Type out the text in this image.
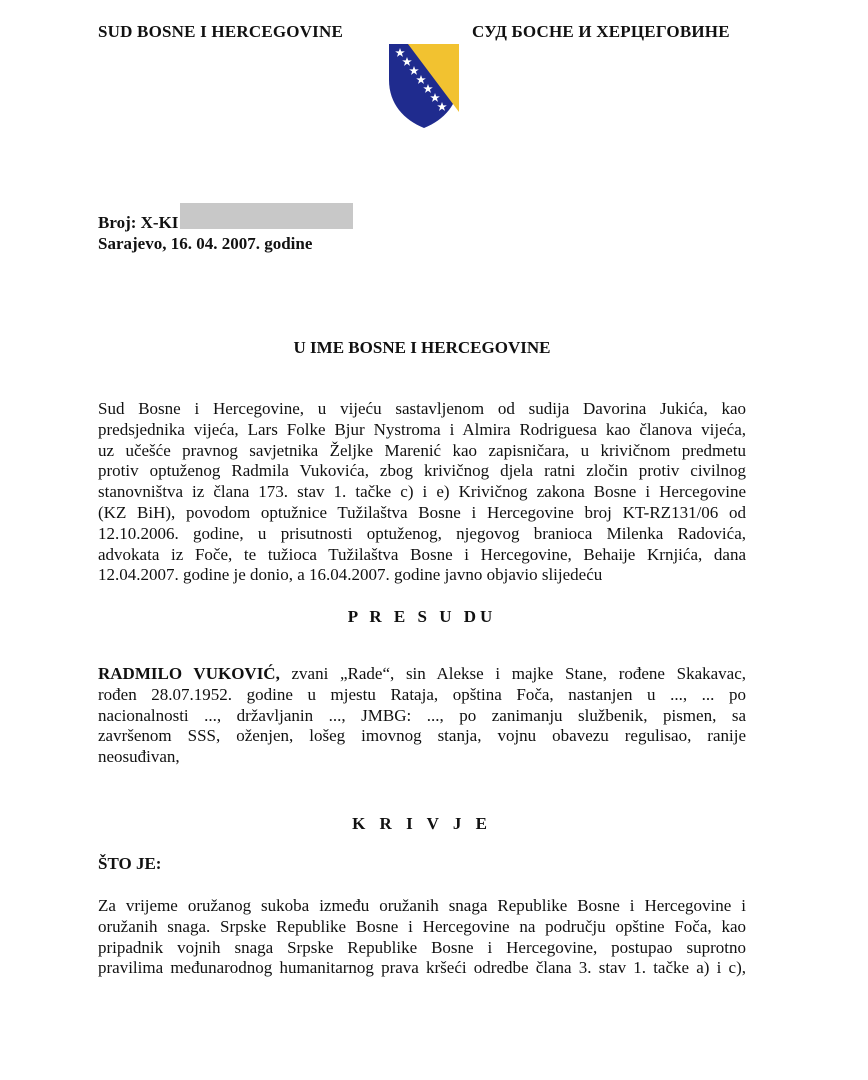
SUD BOSNE I HERCEGOVINE	СУД БОСНЕ И ХЕРЦЕГОВИНЕ
Broj: X-KI
Sarajevo, 16. 04. 2007. godine
U IME BOSNE I HERCEGOVINE
Sud Bosne i Hercegovine, u vijeću sastavljenom od sudija Davorina Jukića, kao
predsjednika vijeća, Lars Folke Bjur Nystroma i Almira Rodriguesa kao članova vijeća,
uz učešće pravnog savjetnika Željke Marenić kao zapisničara, u krivičnom predmetu
protiv optuženog Radmila Vukovića, zbog krivičnog djela ratni zločin protiv civilnog
stanovništva iz člana 173. stav 1. tačke c) i e) Krivičnog zakona Bosne i Hercegovine
(KZ BiH), povodom optužnice Tužilaštva Bosne i Hercegovine broj KT-RZ131/06 od
12.10.2006. godine, u prisutnosti optuženog, njegovog branioca Milenka Radovića,
advokata iz Foče, te tužioca Tužilaštva Bosne i Hercegovine, Behaije Krnjića, dana
12.04.2007. godine je donio, a 16.04.2007. godine javno objavio slijedeću
P R E S U DU
RADMILO VUKOVIĆ, zvani „Rade“, sin Alekse i majke Stane, rođene Skakavac,
rođen 28.07.1952. godine u mjestu Rataja, opština Foča, nastanjen u ..., ... po
nacionalnosti ..., državljanin ..., JMBG: ..., po zanimanju službenik, pismen, sa
završenom SSS, oženjen, lošeg imovnog stanja, vojnu obavezu regulisao, ranije
neosuđivan,
K R I V J E
ŠTO JE:
Za vrijeme oružanog sukoba između oružanih snaga Republike Bosne i Hercegovine i
oružanih snaga. Srpske Republike Bosne i Hercegovine na području opštine Foča, kao
pripadnik vojnih snaga Srpske Republike Bosne i Hercegovine, postupao suprotno
pravilima međunarodnog humanitarnog prava kršeći odredbe člana 3. stav 1. tačke a) i c),
